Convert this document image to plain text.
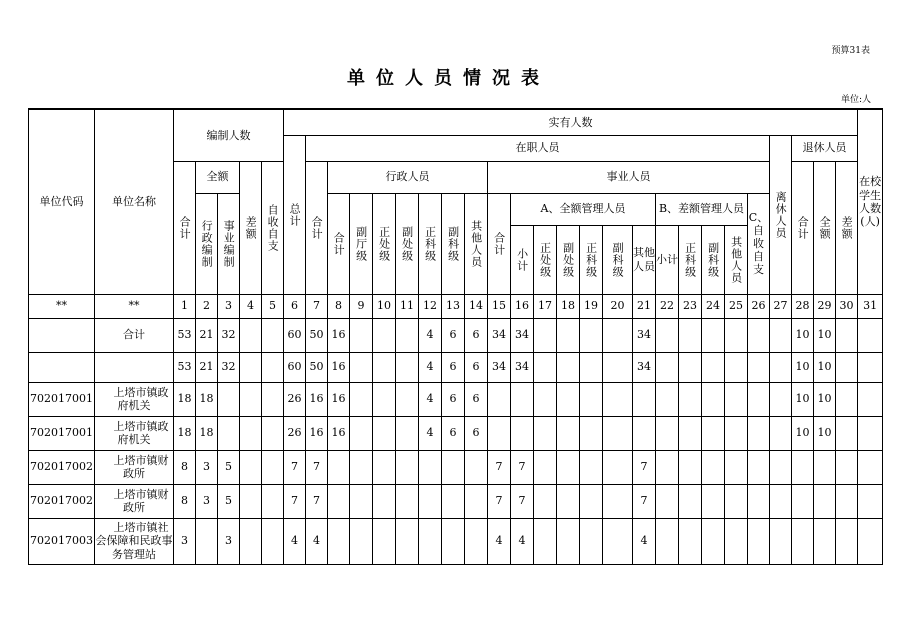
预算31表
单位人员情况表
单位:人
单位代码	单位名称	编制人数					实有人数																									在校学生人数(人)
							总计	在职人员																				离休人员	退休人员			
		合计	全额		差额	自收自支		合计	行政人员							事业人员													合计	全额	差额	
			行政编制	事业编制					合计	副厅级	正处级	副处级	正科级	副科级	其他人员	合计	A、全额管理人员						B、差额管理人员				C、自收自支					
																	小计	正处级	副处级	正科级	副科级	其他人员	小计	正科级	副科级	其他人员						
**	**	1	2	3	4	5	6	7	8	9	10	11	12	13	14	15	16	17	18	19	20	21	22	23	24	25	26	27	28	29	30	31
	合计	53	21	32			60	50	16				4	6	6	34	34					34							10	10		
		53	21	32			60	50	16				4	6	6	34	34					34							10	10		
702017001	上塔市镇政府机关	18	18				26	16	16				4	6	6														10	10		
702017001	上塔市镇政府机关	18	18				26	16	16				4	6	6														10	10		
702017002	上塔市镇财政所	8	3	5			7	7								7	7					7										
702017002	上塔市镇财政所	8	3	5			7	7								7	7					7										
702017003	上塔市镇社会保障和民政事务管理站	3		3			4	4								4	4					4										
